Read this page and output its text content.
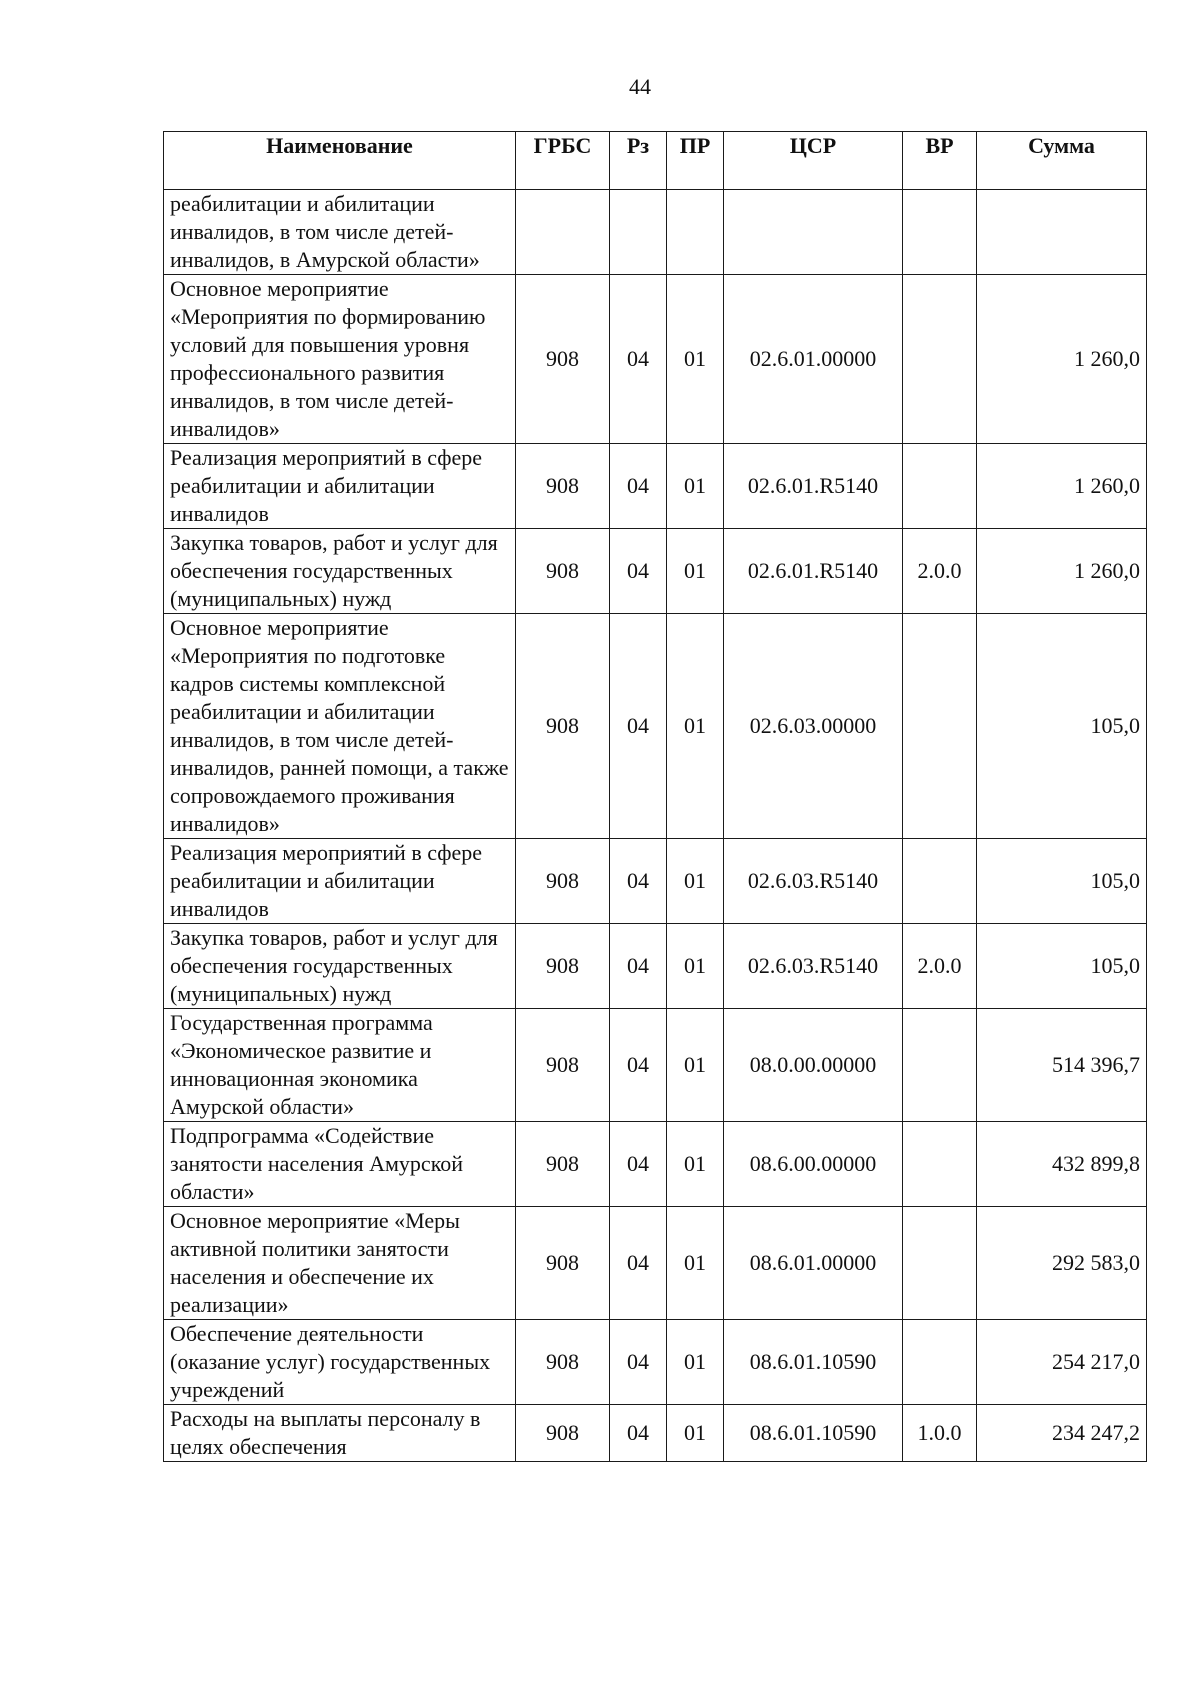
44
Наименование	ГРБС	Рз	ПР	ЦСР	ВР	Сумма
реабилитации и абилитации инвалидов, в том числе детей-инвалидов, в Амурской области»						
Основное мероприятие «Мероприятия по формированию условий для повышения уровня профессионального развития инвалидов, в том числе детей-инвалидов»	908	04	01	02.6.01.00000		1 260,0
Реализация мероприятий в сфере реабилитации и абилитации инвалидов	908	04	01	02.6.01.R5140		1 260,0
Закупка товаров, работ и услуг для обеспечения государственных (муниципальных) нужд	908	04	01	02.6.01.R5140	2.0.0	1 260,0
Основное мероприятие «Мероприятия по подготовке кадров системы комплексной реабилитации и абилитации инвалидов, в том числе детей-инвалидов, ранней помощи, а также сопровождаемого проживания инвалидов»	908	04	01	02.6.03.00000		105,0
Реализация мероприятий в сфере реабилитации и абилитации инвалидов	908	04	01	02.6.03.R5140		105,0
Закупка товаров, работ и услуг для обеспечения государственных (муниципальных) нужд	908	04	01	02.6.03.R5140	2.0.0	105,0
Государственная программа «Экономическое развитие и инновационная экономика Амурской области»	908	04	01	08.0.00.00000		514 396,7
Подпрограмма «Содействие занятости населения Амурской области»	908	04	01	08.6.00.00000		432 899,8
Основное мероприятие «Меры активной политики занятости населения и обеспечение их реализации»	908	04	01	08.6.01.00000		292 583,0
Обеспечение деятельности (оказание услуг) государственных учреждений	908	04	01	08.6.01.10590		254 217,0
Расходы на выплаты персоналу в целях обеспечения	908	04	01	08.6.01.10590	1.0.0	234 247,2
